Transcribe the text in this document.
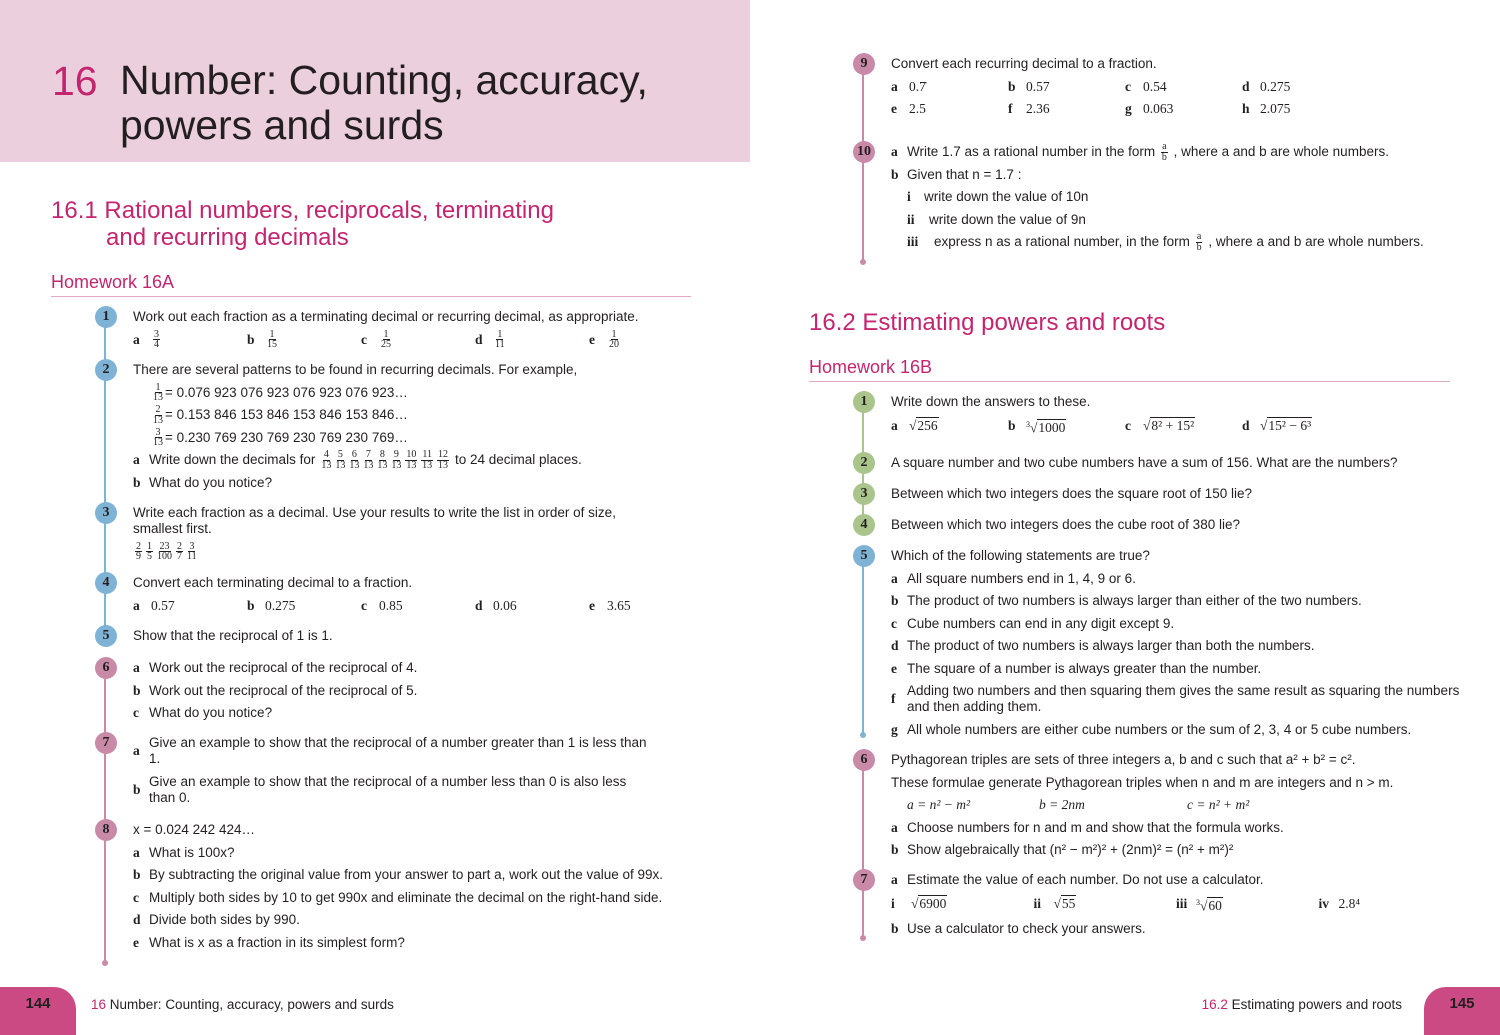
16 Number: Counting, accuracy, powers and surds
16.1 Rational numbers, reciprocals, terminating
and recurring decimals
Homework 16A
16.2 Estimating powers and roots
Homework 16B
1	Work out each fraction as a terminating decimal or recurring decimal, as appropriate.
a	$\frac{3}{4}$	b	$\frac{1}{15}$	c	$\frac{1}{25}$	d	$\frac{1}{11}$	e	$\frac{1}{20}$
2	There are several patterns to be found in recurring decimals. For example,
$\frac{1}{13} = 0.076$ 923 076 923 076 923 076 923…
$\frac{2}{13} = 0.153$ 846 153 846 153 846 153 846…
$\frac{3}{13} = 0.230$ 769 230 769 230 769 230 769…
a Write down the decimals for $\frac{4}{13} \frac{5}{13} \frac{6}{13} \frac{7}{13} \frac{8}{13} \frac{9}{13} \frac{10}{13} \frac{11}{13} \frac{12}{13}$ to 24 decimal places.
b What do you notice?
3	Write each fraction as a decimal. Use your results to write the list in order of size, smallest first.
$\frac{2}{9} \frac{1}{5} \frac{23}{100} \frac{2}{7} \frac{3}{11}$
4	Convert each terminating decimal to a fraction.
a 0.57	b 0.275	c 0.85	d 0.06	e 3.65
5	Show that the reciprocal of 1 is 1.
6	a Work out the reciprocal of the reciprocal of 4.
b Work out the reciprocal of the reciprocal of 5.
c What do you notice?
7
a
Give an example to show that the reciprocal of a number greater than 1 is less than 1.
b
Give an example to show that the reciprocal of a number less than 0 is also less than 0.
8	x = 0.024 242 424…
a What is 100x?
b By subtracting the original value from your answer to part a, work out the value of 99x.
c Multiply both sides by 10 to get 990x and eliminate the decimal on the right-hand side.
d Divide both sides by 990.
e What is x as a fraction in its simplest form?
9	Convert each recurring decimal to a fraction.
a 0.7̇	b 0.57	c 0.54	d 0.275
e 2.5	f	2.36	g 0.063	h 2.075
10 a Write 1.7 as a rational number in the form $\frac{a}{b}$ , where a and b are whole numbers.
b Given that n = 1.7 :
i write down the value of 10n
ii	write down the value of 9n
iii	express n as a rational number, in the form $\frac{a}{b}$ , where a and b are whole numbers.
1	Write down the answers to these.
a √256	b	$^3$√1000	c √8² + 15²	d √15² − 6³
2	A square number and two cube numbers have a sum of 156. What are the numbers?
3	Between which two integers does the square root of 150 lie?
4	Between which two integers does the cube root of 380 lie?
5	Which of the following statements are true?
a All square numbers end in 1, 4, 9 or 6.
b The product of two numbers is always larger than either of the two numbers.
c Cube numbers can end in any digit except 9.
d The product of two numbers is always larger than both the numbers.
e The square of a number is always greater than the number.
f
Adding two numbers and then squaring them gives the same result as squaring the numbers and then adding them.
g All whole numbers are either cube numbers or the sum of 2, 3, 4 or 5 cube numbers.
6	Pythagorean triples are sets of three integers a, b and c such that a² + b² = c².
These formulae generate Pythagorean triples when n and m are integers and n > m.
a = n² − m²	b = 2nm	c = n² + m²
a Choose numbers for n and m and show that the formula works.
b Show algebraically that (n² − m²)² + (2nm)² = (n² + m²)²
7	a Estimate the value of each number. Do not use a calculator.
i	√6900	ii √55	iii	$^3$√60	iv 2.8⁴
b Use a calculator to check your answers.
144	16 Number: Counting, accuracy, powers and surds	16.2 Estimating powers and roots	145
